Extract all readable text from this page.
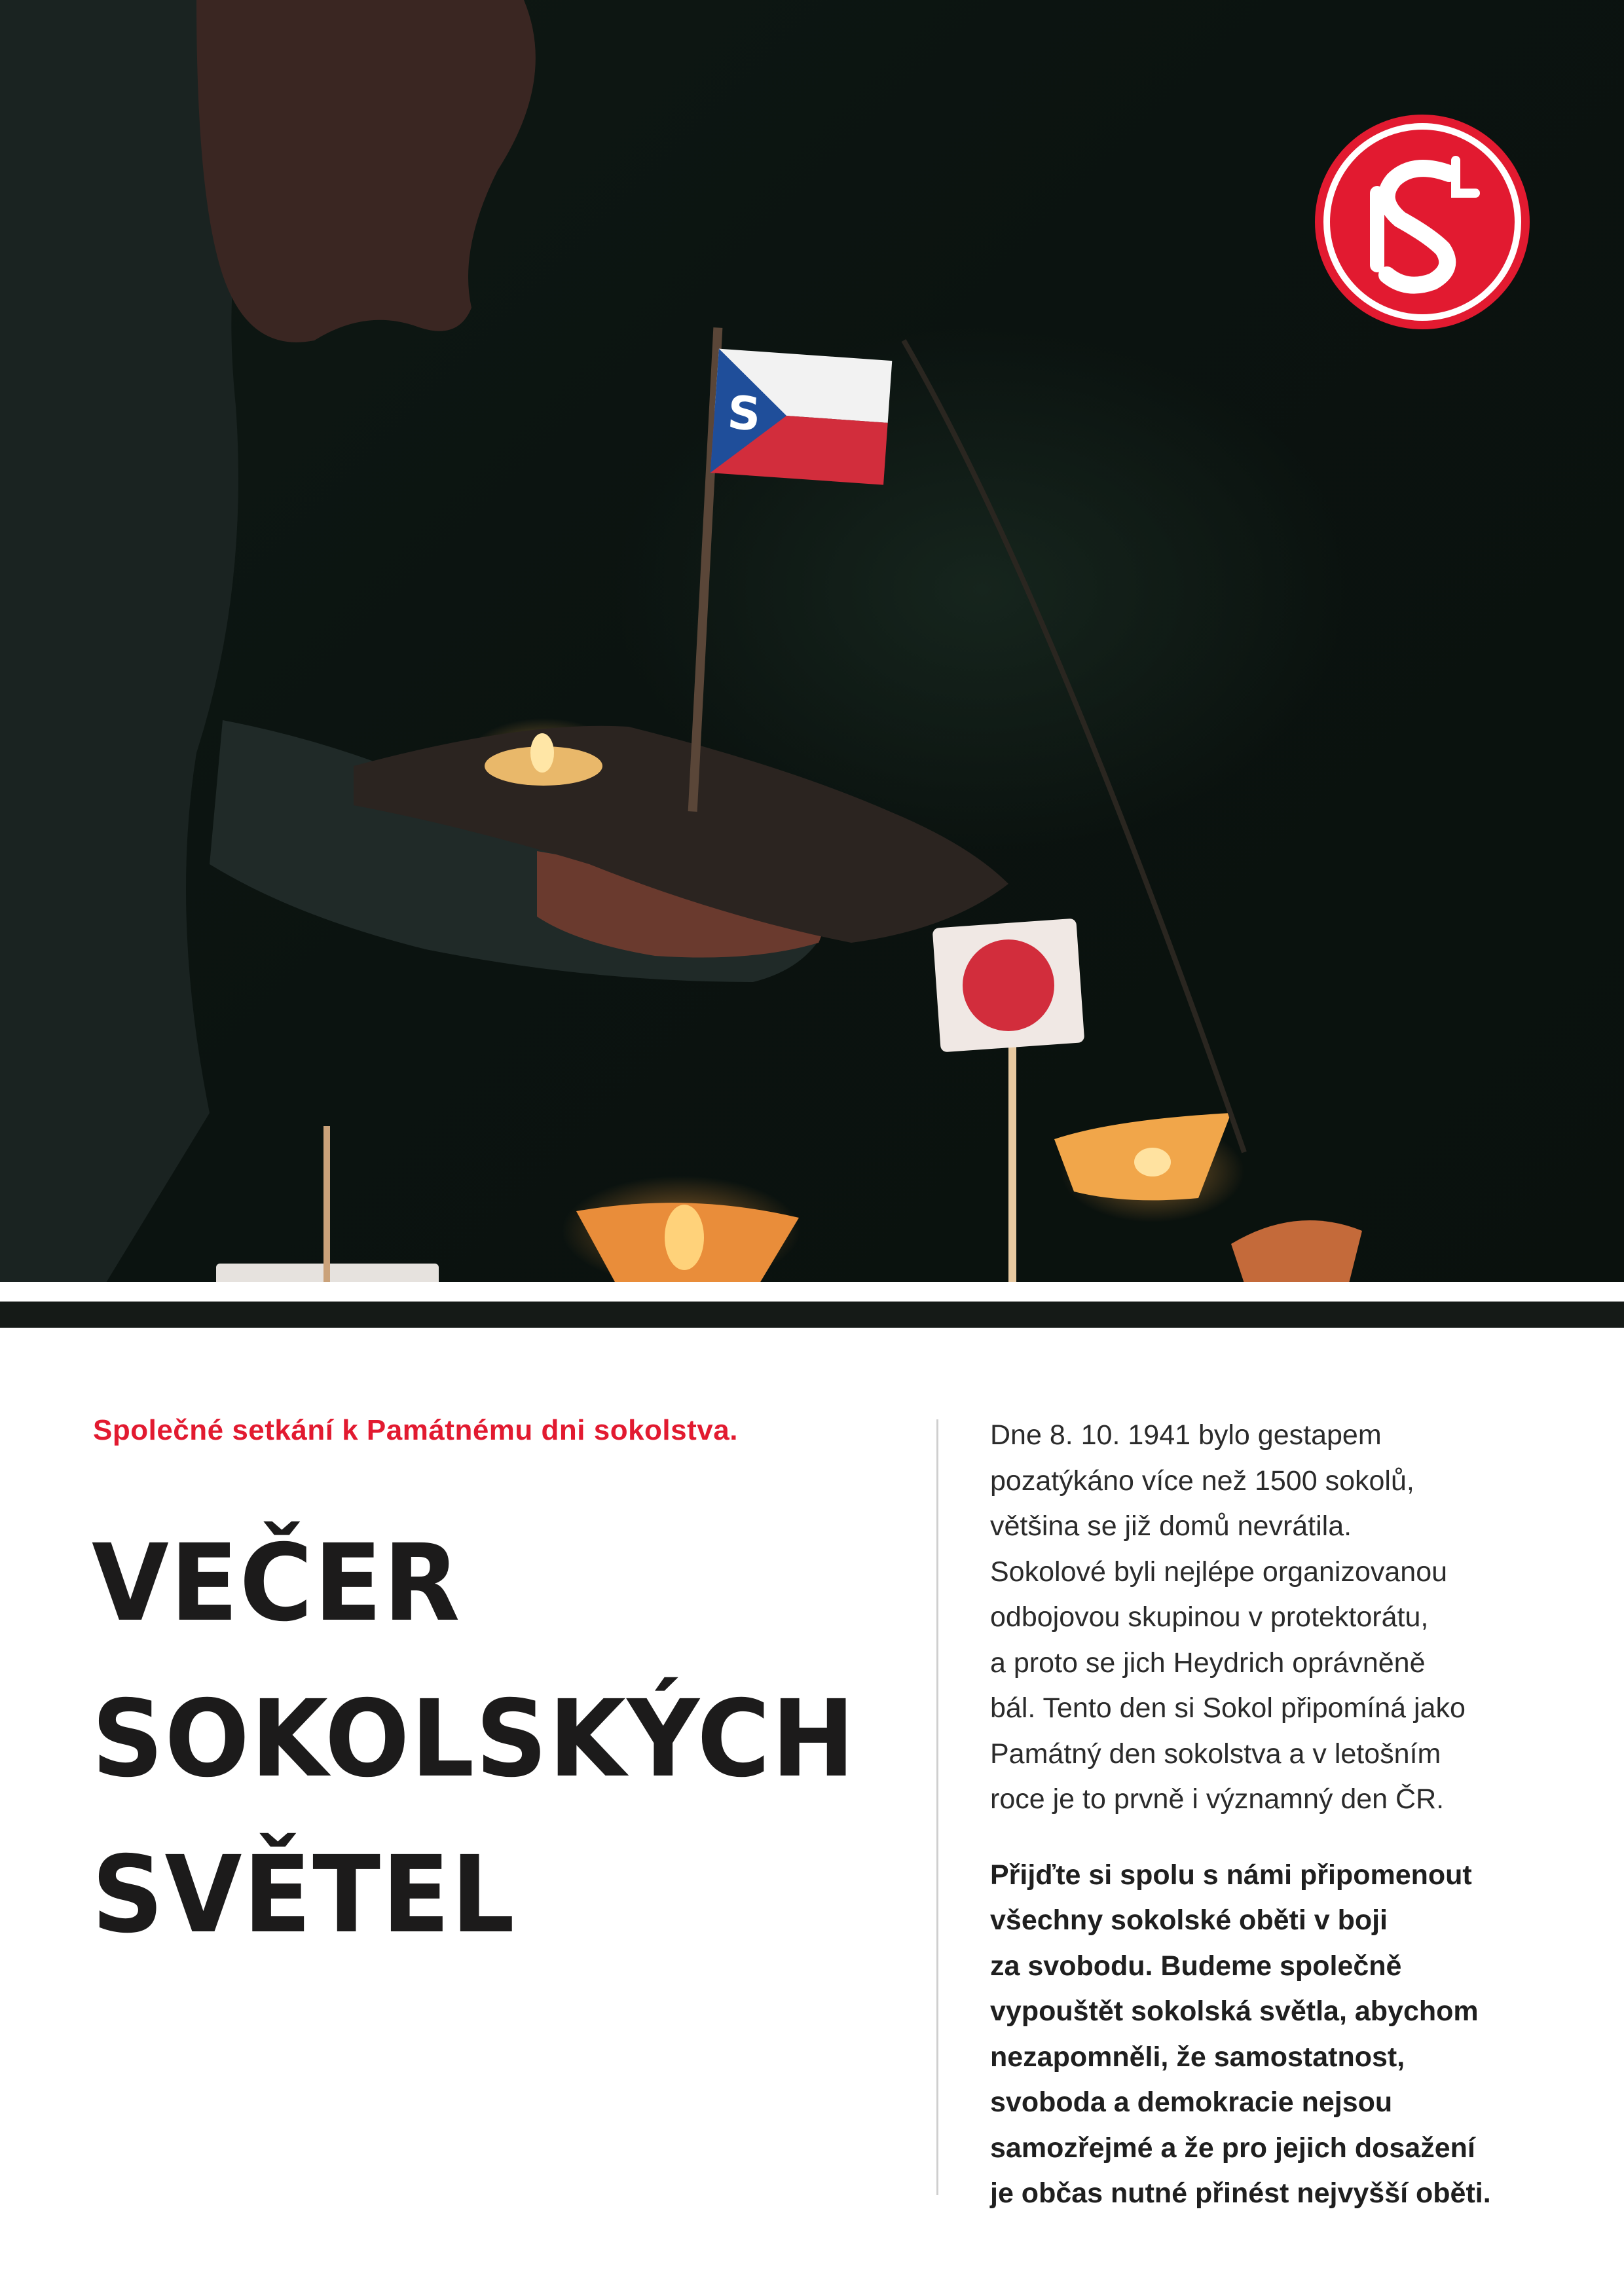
S
Společné setkání k Památnému dni sokolstva.
VEČER
SOKOLSKÝCH
SVĚTEL

Dne 8. 10. 1941 bylo gestapem
pozatýkáno více než 1500 sokolů,
většina se již domů nevrátila.
Sokolové byli nejlépe organizovanou
odbojovou skupinou v protektorátu,
a proto se jich Heydrich oprávněně
bál. Tento den si Sokol připomíná jako
Památný den sokolstva a v letošním
roce je to prvně i významný den ČR.

Přijďte si spolu s námi připomenout
všechny sokolské oběti v boji
za svobodu. Budeme společně
vypouštět sokolská světla, abychom
nezapomněli, že samostatnost,
svoboda a demokracie nejsou
samozřejmé a že pro jejich dosažení
je občas nutné přinést nejvyšší oběti.
